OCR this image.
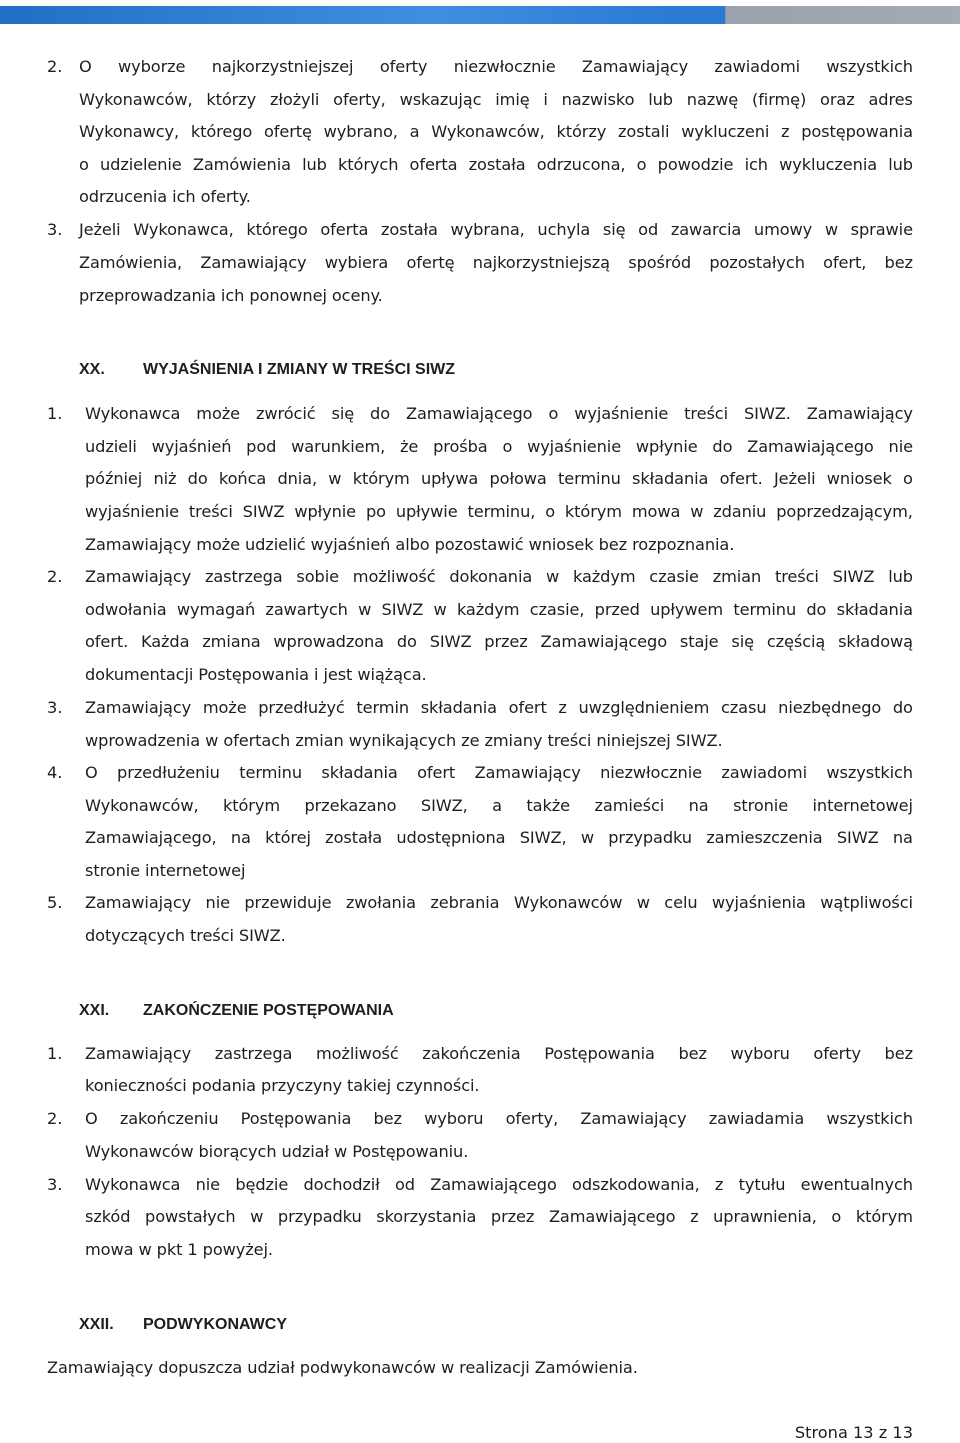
2. O wyborze najkorzystniejszej oferty niezwłocznie Zamawiający zawiadomi wszystkich
Wykonawców, którzy złożyli oferty, wskazując imię i nazwisko lub nazwę (firmę) oraz adres
Wykonawcy, którego ofertę wybrano, a Wykonawców, którzy zostali wykluczeni z postępowania
o udzielenie Zamówienia lub których oferta została odrzucona, o powodzie ich wykluczenia lub
odrzucenia ich oferty.
3. Jeżeli Wykonawca, którego oferta została wybrana, uchyla się od zawarcia umowy w sprawie
Zamówienia, Zamawiający wybiera ofertę najkorzystniejszą spośród pozostałych ofert, bez
przeprowadzania ich ponownej oceny.
XX. WYJAŚNIENIA I ZMIANY W TREŚCI SIWZ
1. Wykonawca może zwrócić się do Zamawiającego o wyjaśnienie treści SIWZ. Zamawiający
udzieli wyjaśnień pod warunkiem, że prośba o wyjaśnienie wpłynie do Zamawiającego nie
później niż do końca dnia, w którym upływa połowa terminu składania ofert. Jeżeli wniosek o
wyjaśnienie treści SIWZ wpłynie po upływie terminu, o którym mowa w zdaniu poprzedzającym,
Zamawiający może udzielić wyjaśnień albo pozostawić wniosek bez rozpoznania.
2. Zamawiający zastrzega sobie możliwość dokonania w każdym czasie zmian treści SIWZ lub
odwołania wymagań zawartych w SIWZ w każdym czasie, przed upływem terminu do składania
ofert. Każda zmiana wprowadzona do SIWZ przez Zamawiającego staje się częścią składową
dokumentacji Postępowania i jest wiążąca.
3. Zamawiający może przedłużyć termin składania ofert z uwzględnieniem czasu niezbędnego do
wprowadzenia w ofertach zmian wynikających ze zmiany treści niniejszej SIWZ.
4. O przedłużeniu terminu składania ofert Zamawiający niezwłocznie zawiadomi wszystkich
Wykonawców, którym przekazano SIWZ, a także zamieści na stronie internetowej
Zamawiającego, na której została udostępniona SIWZ, w przypadku zamieszczenia SIWZ na
stronie internetowej
5. Zamawiający nie przewiduje zwołania zebrania Wykonawców w celu wyjaśnienia wątpliwości
dotyczących treści SIWZ.
XXI. ZAKOŃCZENIE POSTĘPOWANIA
1. Zamawiający zastrzega możliwość zakończenia Postępowania bez wyboru oferty bez
konieczności podania przyczyny takiej czynności.
2. O zakończeniu Postępowania bez wyboru oferty, Zamawiający zawiadamia wszystkich
Wykonawców biorących udział w Postępowaniu.
3. Wykonawca nie będzie dochodził od Zamawiającego odszkodowania, z tytułu ewentualnych
szkód powstałych w przypadku skorzystania przez Zamawiającego z uprawnienia, o którym
mowa w pkt 1 powyżej.
XXII. PODWYKONAWCY
Zamawiający dopuszcza udział podwykonawców w realizacji Zamówienia.
Strona 13 z 13
